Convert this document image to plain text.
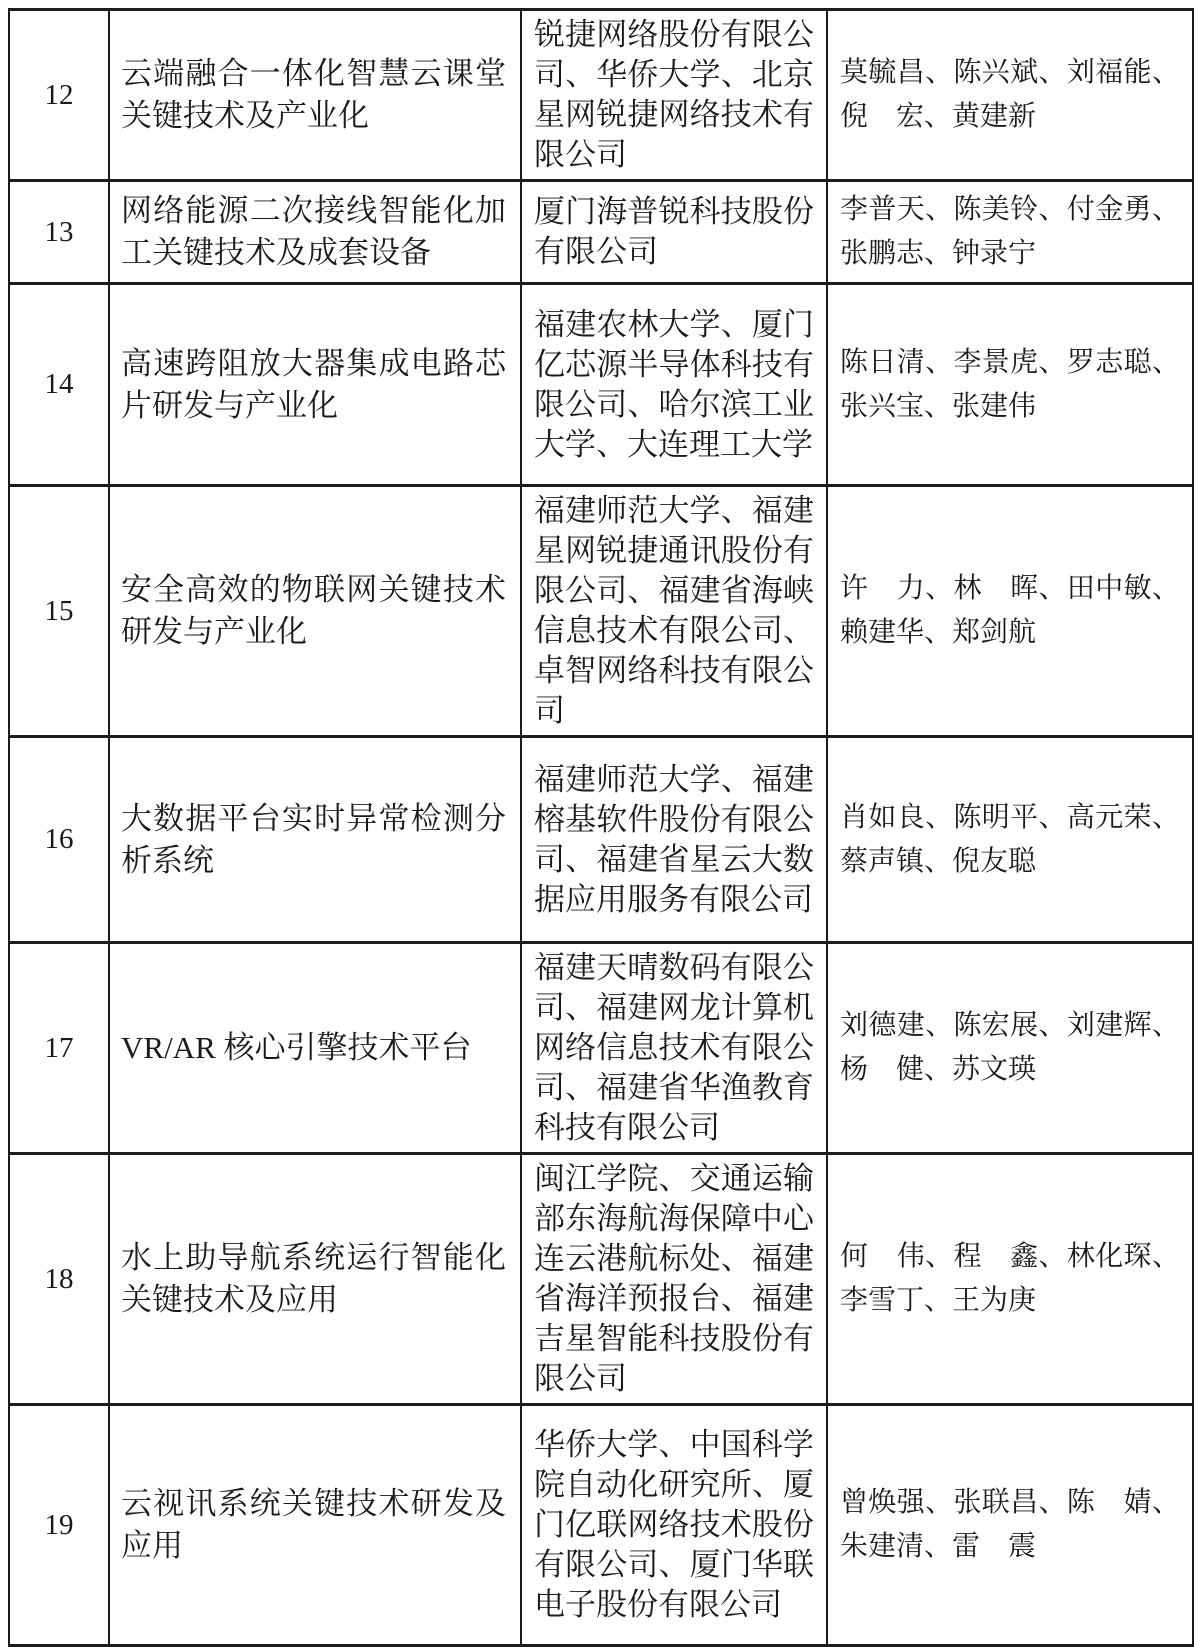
12

云端融合一体化智慧云课堂关键技术及产业化

锐捷网络股份有限公司、华侨大学、北京星网锐捷网络技术有限公司

莫毓昌、陈兴斌、刘福能、倪　宏、黄建新

13

网络能源二次接线智能化加工关键技术及成套设备

厦门海普锐科技股份有限公司

李普天、陈美铃、付金勇、张鹏志、钟录宁

14

高速跨阻放大器集成电路芯片研发与产业化

福建农林大学、厦门亿芯源半导体科技有限公司、哈尔滨工业大学、大连理工大学

陈日清、李景虎、罗志聪、张兴宝、张建伟

15

安全高效的物联网关键技术研发与产业化

福建师范大学、福建星网锐捷通讯股份有限公司、福建省海峡信息技术有限公司、卓智网络科技有限公司

许　力、林　晖、田中敏、赖建华、郑剑航

16

大数据平台实时异常检测分析系统

福建师范大学、福建榕基软件股份有限公司、福建省星云大数据应用服务有限公司

肖如良、陈明平、高元荣、蔡声镇、倪友聪

17 VR/AR 核心引擎技术平台

福建天晴数码有限公司、福建网龙计算机网络信息技术有限公司、福建省华渔教育科技有限公司

刘德建、陈宏展、刘建辉、杨　健、苏文瑛

18

水上助导航系统运行智能化关键技术及应用

闽江学院、交通运输部东海航海保障中心连云港航标处、福建省海洋预报台、福建吉星智能科技股份有限公司

何　伟、程　鑫、林化琛、李雪丁、王为庚

19

云视讯系统关键技术研发及应用

华侨大学、中国科学院自动化研究所、厦门亿联网络技术股份有限公司、厦门华联电子股份有限公司

曾焕强、张联昌、陈　婧、朱建清、雷　震
